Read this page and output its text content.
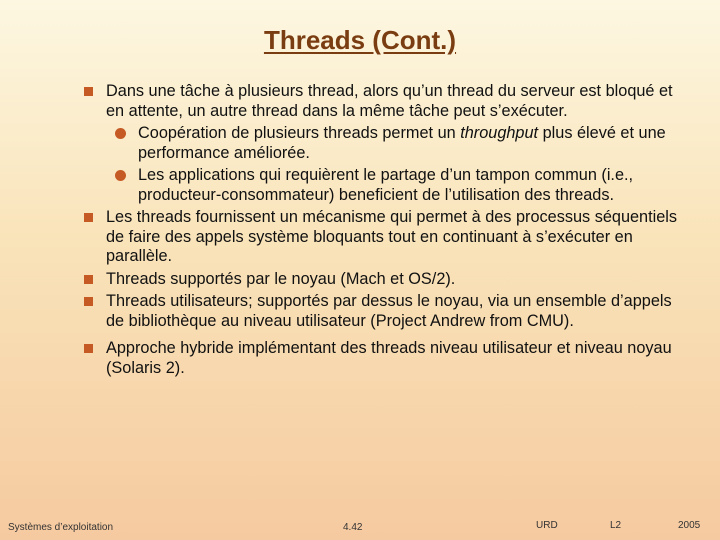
Threads (Cont.)
Dans une tâche à plusieurs thread, alors qu’un thread du serveur est bloqué et en attente, un autre thread dans la même tâche peut s’exécuter.
Coopération de plusieurs threads permet un throughput plus élevé et une performance améliorée.
Les applications qui requièrent le partage d’un tampon commun (i.e., producteur-consommateur) beneficient de l’utilisation des threads.
Les threads fournissent un mécanisme qui permet à des processus séquentiels de faire des appels système bloquants tout en continuant à s’exécuter en parallèle.
Threads supportés par le noyau (Mach et OS/2).
Threads utilisateurs; supportés par dessus le noyau, via un ensemble d’appels de bibliothèque au niveau utilisateur (Project Andrew from CMU).
Approche hybride implémentant des threads niveau utilisateur et niveau noyau (Solaris 2).
Systèmes d’exploitation	4.42	URD	L2	2005
